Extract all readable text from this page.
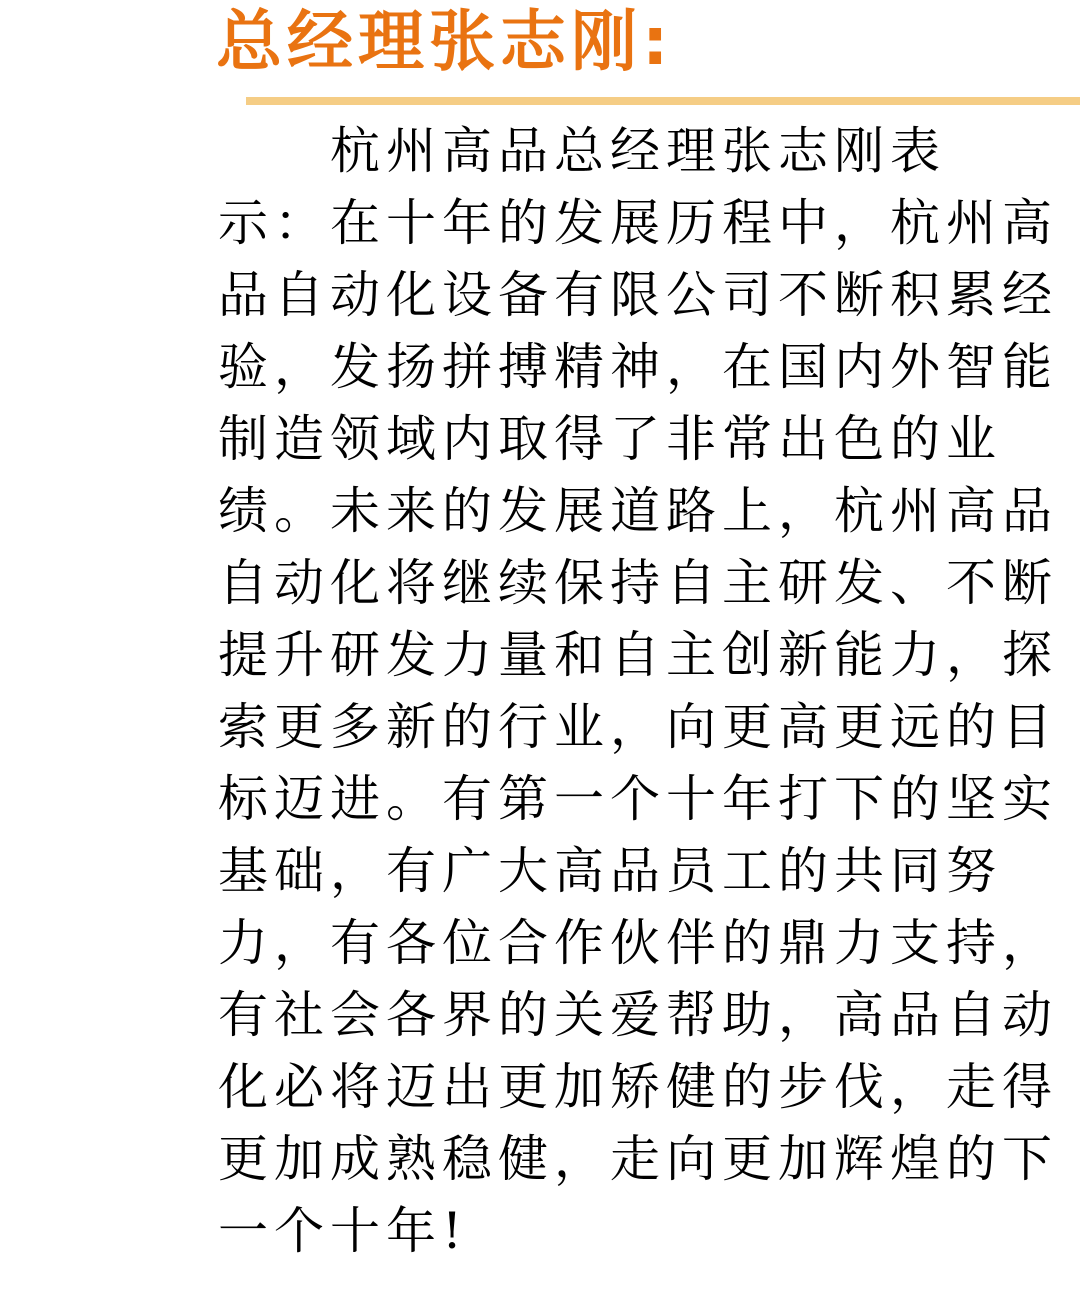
总经理张志刚:
杭州高品总经理张志刚表
示：在十年的发展历程中，杭州高
品自动化设备有限公司不断积累经
验，发扬拼搏精神，在国内外智能
制造领域内取得了非常出色的业
绩。未来的发展道路上，杭州高品
自动化将继续保持自主研发、不断
提升研发力量和自主创新能力，探
索更多新的行业，向更高更远的目
标迈进。有第一个十年打下的坚实
基础，有广大高品员工的共同努
力，有各位合作伙伴的鼎力支持，
有社会各界的关爱帮助，高品自动
化必将迈出更加矫健的步伐，走得
更加成熟稳健，走向更加辉煌的下
一个十年!
